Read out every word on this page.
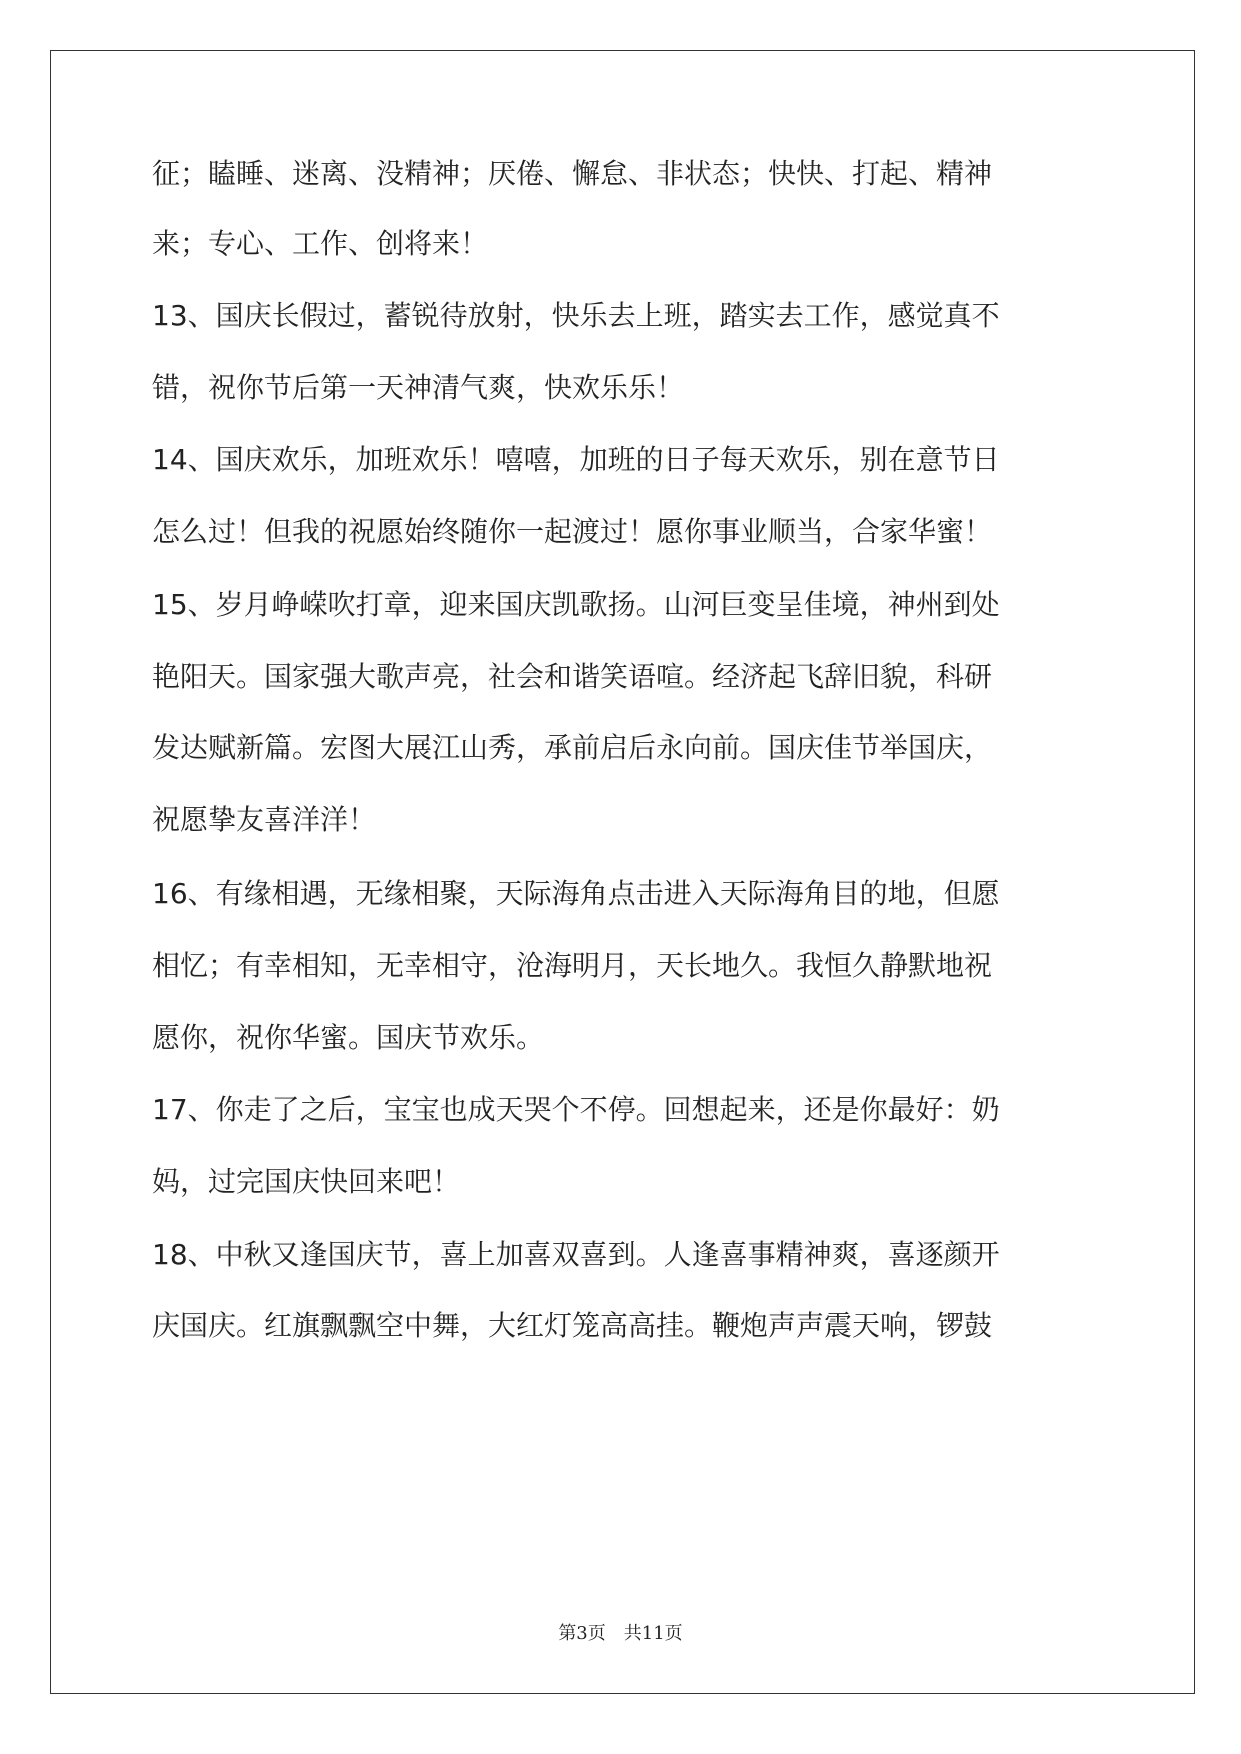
征；瞌睡、迷离、没精神；厌倦、懈怠、非状态；快快、打起、精神
来；专心、工作、创将来！
13、国庆长假过，蓄锐待放射，快乐去上班，踏实去工作，感觉真不
错，祝你节后第一天神清气爽，快欢乐乐！
14、国庆欢乐，加班欢乐！嘻嘻，加班的日子每天欢乐，别在意节日
怎么过！但我的祝愿始终随你一起渡过！愿你事业顺当，合家华蜜！
15、岁月峥嵘吹打章，迎来国庆凯歌扬。山河巨变呈佳境，神州到处
艳阳天。国家强大歌声亮，社会和谐笑语喧。经济起飞辞旧貌，科研
发达赋新篇。宏图大展江山秀，承前启后永向前。国庆佳节举国庆，
祝愿挚友喜洋洋！
16、有缘相遇，无缘相聚，天际海角点击进入天际海角目的地，但愿
相忆；有幸相知，无幸相守，沧海明月，天长地久。我恒久静默地祝
愿你，祝你华蜜。国庆节欢乐。
17、你走了之后，宝宝也成天哭个不停。回想起来，还是你最好：奶
妈，过完国庆快回来吧！
18、中秋又逢国庆节，喜上加喜双喜到。人逢喜事精神爽，喜逐颜开
庆国庆。红旗飘飘空中舞，大红灯笼高高挂。鞭炮声声震天响，锣鼓
第3页　共11页
